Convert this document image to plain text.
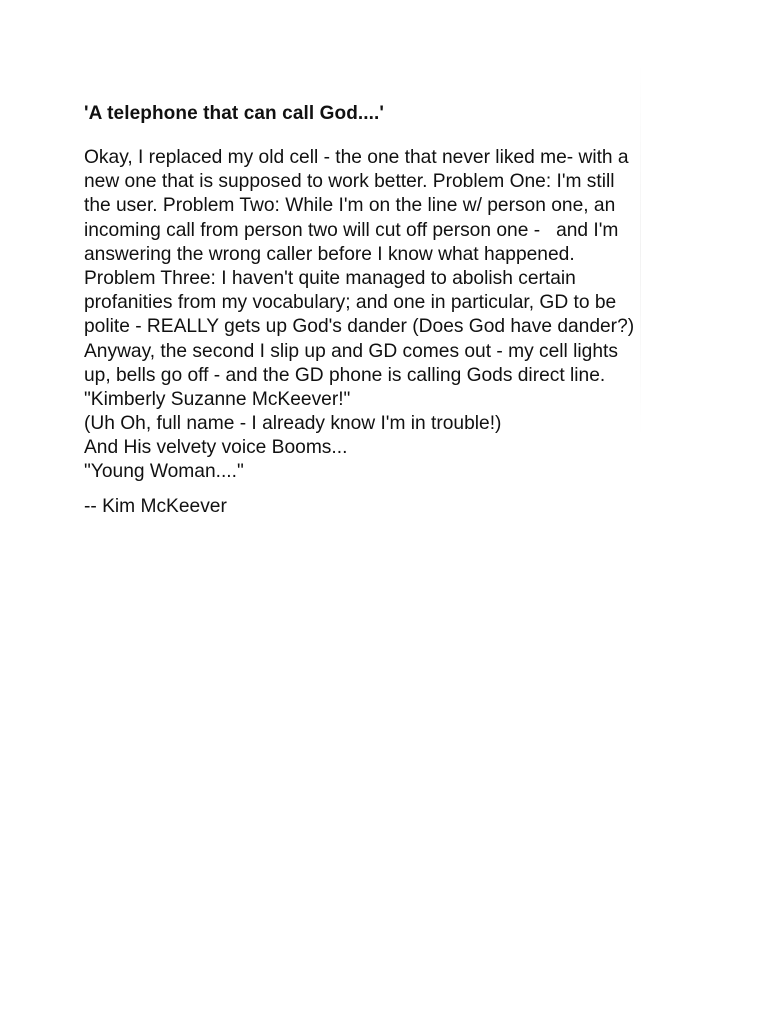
'A telephone that can call God....'
Okay, I replaced my old cell - the one that never liked me- with a
new one that is supposed to work better. Problem One: I'm still
the user. Problem Two: While I'm on the line w/ person one, an
incoming call from person two will cut off person one -   and I'm
answering the wrong caller before I know what happened.
Problem Three: I haven't quite managed to abolish certain
profanities from my vocabulary; and one in particular, GD to be
polite - REALLY gets up God's dander (Does God have dander?)
Anyway, the second I slip up and GD comes out - my cell lights
up, bells go off - and the GD phone is calling Gods direct line.
"Kimberly Suzanne McKeever!"
(Uh Oh, full name - I already know I'm in trouble!)
And His velvety voice Booms...
"Young Woman...."

-- Kim McKeever
